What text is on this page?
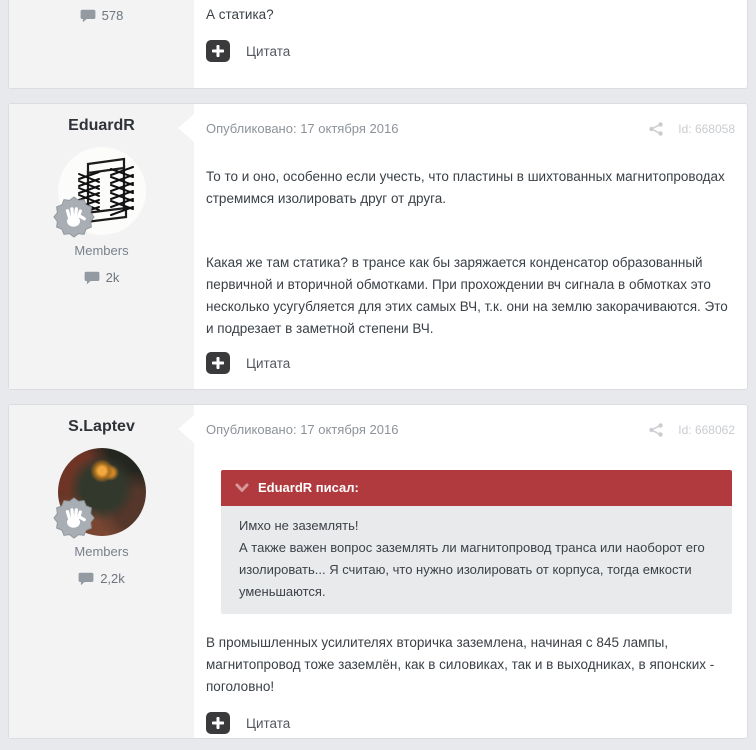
578	А статика?
Цитата
EduardR
Members
2k
Опубликовано: 17 октября 2016	Id: 668058
То то и оно, особенно если учесть, что пластины в шихтованных магнитопроводах стремимся изолировать друг от друга.
Какая же там статика? в трансе как бы заряжается конденсатор образованный первичной и вторичной обмотками. При прохождении вч сигнала в обмотках это несколько усугубляется для этих самых ВЧ, т.к. они на землю закорачиваются. Это и подрезает в заметной степени ВЧ.
Цитата
S.Laptev
Members
2,2k
Опубликовано: 17 октября 2016	Id: 668062
EduardR писал:
Имхо не заземлять!
А также важен вопрос заземлять ли магнитопровод транса или наоборот его изолировать... Я считаю, что нужно изолировать от корпуса, тогда емкости уменьшаются.
В промышленных усилителях вторичка заземлена, начиная с 845 лампы, магнитопровод тоже заземлён, как в силовиках, так и в выходниках, в японских - поголовно!
Цитата
